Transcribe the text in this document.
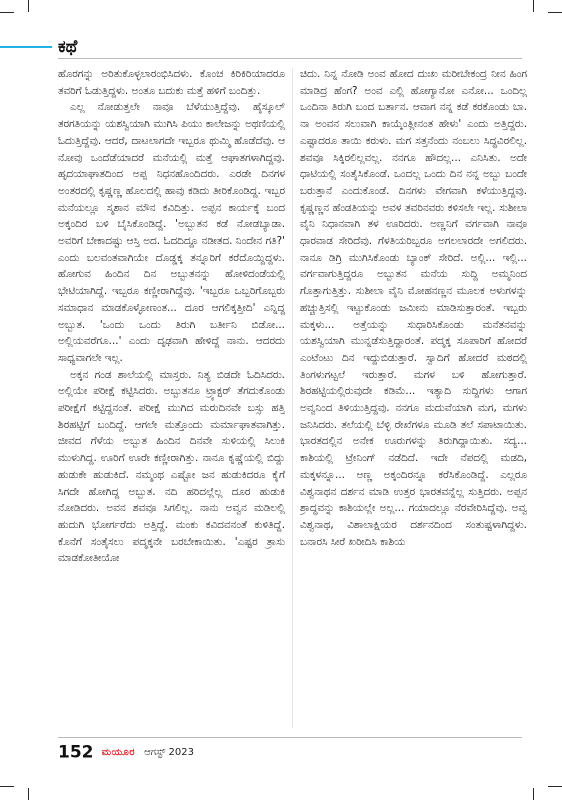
ಕಥೆ

ಹೊರಗನ್ನು ಅರಿತುಕೊಳ್ಳಲಾರಂಭಿಸಿದಳು. ಕೊಂಚ ಕಿರಿಕಿರಿಯಾದರೂ ತವರಿಗೆ ಓಡುತ್ತಿದ್ದಳು. ಅಂತೂ ಬದುಕು ಮತ್ತೆ ಹಳಿಗೆ ಬಂದಿತ್ತು.

ಎಲ್ಲ ನೋಡುತ್ತಲೇ ನಾವೂ ಬೆಳೆಯುತ್ತಿದ್ದೆವು. ಹೈಸ್ಕೂಲ್ ತರಗತಿಯನ್ನು ಯಶಸ್ವಿಯಾಗಿ ಮುಗಿಸಿ ಪಿಯು ಕಾಲೇಜನ್ನು ಅಥಣಿಯಲ್ಲಿ ಓದುತ್ತಿದ್ದೆವು. ಆದರೆ, ದಾಟಲಾಗದೇ ಇಬ್ಬರೂ ಥುಮ್ಮಿ ಹೊಡೆದೆವು. ಆ ನೋವು ಒಂದೆಡೆಯಾದರೆ ಮನೆಯಲ್ಲಿ ಮತ್ತೆ ಆಘಾತಗಳಾಗಿದ್ದವು. ಹೃದಯಾಘಾತದಿಂದ ಅಪ್ಪ ನಿಧನಹೊಂದಿದರು. ಎರಡೇ ದಿನಗಳ ಅಂತರದಲ್ಲಿ ಕೃಷ್ಣಣ್ಣ ಹೊಲದಲ್ಲಿ ಹಾವು ಕಡಿದು ತೀರಿಕೊಂಡಿದ್ದ. ಇಬ್ಬರ ಮನೆಯಲ್ಲೂ ಸ್ಮಶಾನ ಮೌನ ಕವಿದಿತ್ತು. ಅಪ್ಪನ ಕಾರ್ಯಕ್ಕೆ ಬಂದ ಅಕ್ಕಂದಿರ ಬಳಿ ಬೈಸಿಕೊಂಡಿದ್ದೆ. 'ಅಬ್ಬುತನ ಕಡೆ ನೋಡಬ್ಯಾಡಾ. ಅವರಿಗೆ ಬೇಕಾದಷ್ಟು ಆಸ್ತಿ ಅದ. ಓದದಿದ್ದೂ ನಡೀತದ. ನಿಂದೇನ ಗತಿ?' ಎಂದು ಬಲವಂತವಾಗಿಯೇ ದೊಡ್ಡಕ್ಕ ತನ್ನೂರಿಗೆ ಕರೆದೊಯ್ದಿದ್ದಳು. ಹೋಗುವ ಹಿಂದಿನ ದಿನ ಅಬ್ಬುತನನ್ನು ಹೋಳಿದಂಡೆಯಲ್ಲಿ ಭೇಟಿಯಾಗಿದ್ದೆ. ಇಬ್ಬರೂ ಕಣ್ಣೀರಾಗಿದ್ದೆವು. 'ಇಬ್ಬರೂ ಒಬ್ಬರಿಗೊಬ್ಬರು ಸಮಾಧಾನ ಮಾಡಕೊಳ್ಳೋಣಂತ... ದೂರ ಆಗಲಿಕ್ಕತ್ತೀದಿ' ಎನ್ನಿದ್ದ ಅಬ್ಬುತ. 'ಒಂದು ಒಂದು ತಿರುಗಿ ಬರ್ತೀನಿ ಬಿಡೋ... ಅಲ್ಲಿಯವರೆಗೂ...' ಎಂದು ದೃಢವಾಗಿ ಹೇಳಿದ್ದೆ ನಾನು. ಆದರದು ಸಾಧ್ಯವಾಗಲೇ ಇಲ್ಲ.

ಅಕ್ಕನ ಗಂಡ ಶಾಲೆಯಲ್ಲಿ ಮಾಸ್ತರು. ನಿತ್ಯ ಬಿಡದೇ ಓದಿಸಿದರು. ಅಲ್ಲಿಯೇ ಪರೀಕ್ಷೆ ಕಟ್ಟಿಸಿದರು. ಅಬ್ಬುತನೂ ಟ್ರ್ಯಾಕ್ಟರ್ ತೆಗದುಕೊಂಡು ಪರೀಕ್ಷೆಗೆ ಕಟ್ಟಿದ್ದನಂತೆ. ಪರೀಕ್ಷೆ ಮುಗಿದ ಮರುದಿನವೇ ಬಸ್ಸು ಹತ್ತಿ ಶಿರಹಟ್ಟಿಗೆ ಬಂದಿದ್ದೆ. ಆಗಲೇ ಮತ್ತೊಂದು ಮರ್ಮಾಘಾತವಾಗಿತ್ತು. ಜೀವದ ಗೆಳೆಯ ಅಬ್ಬುತ ಹಿಂದಿನ ದಿನವೇ ಸುಳಿಯಲ್ಲಿ ಸಿಲುಕಿ ಮುಳುಗಿದ್ದ. ಊರಿಗೆ ಊರೇ ಕಣ್ಣೀರಾಗಿತ್ತು. ನಾನೂ ಕೃಷ್ಣೆಯಲ್ಲಿ ಬಿದ್ದು ಹುಡುಕೇ ಹುಡುಕಿದೆ. ನಮ್ಮಂಥ ಎಷ್ಟೋ ಜನ ಹುಡುಕಿದರೂ ಕೈಗೆ ಸಿಗದೇ ಹೋಗಿದ್ದ ಅಬ್ಬುತ. ನದಿ ಹರಿದಲ್ಲೆಲ್ಲ ದೂರ ಹುಡುಕಿ ನೋಡಿದರು. ಅವನ ಶವವೂ ಸಿಗಲಿಲ್ಲ. ನಾನು ಅವ್ವನ ಮಡಿಲಲ್ಲಿ ಹುದುಗಿ ಭೋರ್ಗರೆದು ಅತ್ತಿದ್ದೆ. ಮಂಕು ಕವಿದವನಂತೆ ಕುಳಿತಿದ್ದೆ. ಕೊನೆಗೆ ಸಂತೈಸಲು ಪದ್ಮಕ್ಕನೇ ಬರಬೇಕಾಯಿತು. 'ಎಷ್ಟರ ತ್ರಾಸು ಮಾಡಕೋತೀಯೋ

ಚಿದು. ನಿನ್ನ ನೋಡಿ ಅಂವ ಹೋದ ದುಃಖ ಮರೀಬೇಕಂದ್ರ ನೀನ ಹಿಂಗ ಮಾಡಿದ್ರ ಹೆಂಗ? ಅಂವ ಎಲ್ಲಿ ಹೋಗ್ಯಾನೋ ಎನೋ... ಒಂದಿಲ್ಲ ಒಂದಿನಾ ತಿರುಗಿ ಬಂದ ಬರ್ತಾನ. ಆವಾಗ ನನ್ನ ಕಡೆ ಕರಕೊಂಡು ಬಾ. ನಾ ಅಂವನ ಸಲುವಾಗಿ ಕಾಯ್ಕೆಂತ್ಲೀನಂತ ಹೇಳು' ಎಂದು ಅತ್ತಿದ್ದರು. ಎಷ್ಟಾದರೂ ತಾಯಿ ಕರುಳು. ಮಗ ಸತ್ತನೆಂದು ನಂಬಲು ಸಿದ್ಧವಿರಲಿಲ್ಲ. ಶವವೂ ಸಿಕ್ಕಿರಲಿಲ್ಲವಲ್ಲ. ನನಗೂ ಹೌದಲ್ಲ... ಎನಿಸಿತು. ಅದೇ ಧಾಟಿಯಲ್ಲಿ ಸಂತೈಸಿಕೊಂಡೆ. ಒಂದಲ್ಲ ಒಂದು ದಿನ ನನ್ನ ಅಬ್ಬು ಬಂದೇ ಬರುತ್ತಾನೆ ಎಂದುಕೊಂಡೆ. ದಿನಗಳು ವೇಗವಾಗಿ ಕಳೆಯುತ್ತಿದ್ದವು. ಕೃಷ್ಣಣ್ಣನ ಹೆಂಡತಿಯನ್ನು ಅವಳ ತವರಿನವರು ಕಳಿಸಲೇ ಇಲ್ಲ. ಸುಶೀಲಾ ವೈನಿ ನಿಧಾನವಾಗಿ ತಳ ಊರಿದರು. ಅಣ್ಣನಿಗೆ ವರ್ಗವಾಗಿ ನಾವೂ ಧಾರವಾಡ ಸೇರಿದೆವು. ಗೆಳತಿಯರಿಬ್ಬರೂ ಅಗಲಲಾರದೇ ಅಗಲಿದರು. ನಾನೂ ಡಿಗ್ರಿ ಮುಗಿಸಿಕೊಂಡು ಬ್ಯಾಂಕ್ ಸೇರಿದೆ. ಅಲ್ಲಿ... ಇಲ್ಲಿ... ವರ್ಗವಾಗುತ್ತಿದ್ದರೂ ಅಬ್ಬುತನ ಮನೆಯ ಸುದ್ದಿ ಅಮ್ಮನಿಂದ ಗೊತ್ತಾಗುತ್ತಿತ್ತು. ಸುಶೀಲಾ ವೈನಿ ಮೋಹನಣ್ಣನ ಮೂಲಕ ಅಳುಗಳನ್ನು ಹಚ್ಚುತ್ತಿಸಲ್ಲಿ ಇಟ್ಟುಕೊಂಡು ಜಮೀನು ಮಾಡಿಸುತ್ತಾರಂತೆ. ಇಬ್ಬರು ಮಕ್ಕಳು... ಅತ್ತೆಯನ್ನು ಸುಧಾರಿಸಿಕೊಂಡು ಮನೆತನವನ್ನು ಯಶಸ್ವಿಯಾಗಿ ಮುನ್ನಡೆಸುತ್ತಿದ್ದಾರಂತೆ. ಪದ್ಮಕ್ಕ ಸೂಪಾರಿಗೆ ಹೋದರೆ ಎಂಟೆಂಟು ದಿನ ಇದ್ದುಬಿಡುತ್ತಾರೆ. ಸ್ವಾದಿಗೆ ಹೋದರೆ ಮಠದಲ್ಲಿ ತಿಂಗಳುಗಟ್ಟಲೆ ಇರುತ್ತಾರೆ. ಮಗಳ ಬಳಿ ಹೋಗುತ್ತಾರೆ. ಶಿರಹಟ್ಟಿಯಲ್ಲಿರುವುದೇ ಕಡಿಮೆ... ಇತ್ಯಾದಿ ಸುದ್ದಿಗಳು ಆಗಾಗ ಅವ್ವನಿಂದ ತಿಳಿಯುತ್ತಿದ್ದವು. ನನಗೂ ಮದುವೆಯಾಗಿ ಮಗ, ಮಗಳು ಜನಿಸಿದರು. ತಲೆಯಲ್ಲಿ ಬೆಳ್ಳಿ ರೇಖೆಗಳೂ ಮೂಡಿ ತಲೆ ಸಪಾಟಾಯಿತು. ಭಾರತದಲ್ಲಿನ ಅನೇಕ ಊರುಗಳನ್ನು ತಿರುಗಿದ್ದಾಯಿತು. ಸದ್ಯ... ಕಾಶಿಯಲ್ಲಿ ಟ್ರೇನಿಂಗ್ ನಡೆದಿದೆ. ಇದೇ ನೆಪದಲ್ಲಿ ಮಡದಿ, ಮಕ್ಕಳನ್ನೂ... ಅಣ್ಣ ಅಕ್ಕಂದಿರನ್ನೂ ಕರೆಸಿಕೊಂಡಿದ್ದೆ. ಎಲ್ಲರೂ ವಿಶ್ವನಾಥನ ದರ್ಶನ ಮಾಡಿ ಉತ್ತರ ಭಾರತವನ್ನೆಲ್ಲ ಸುತ್ತಿದರು. ಅಪ್ಪನ ಶ್ರಾದ್ಧವನ್ನು ಕಾಶಿಯಲ್ಲೇ ಅಲ್ಲ... ಗಯಾದಲ್ಲೂ ನೆರವೇರಿಸಿದ್ದೆವು. ಅವ್ವ ವಿಶ್ವನಾಥ, ವಿಶಾಲಾಕ್ಷಿಯರ ದರ್ಶನದಿಂದ ಸಂತುಷ್ಟಳಾಗಿದ್ದಳು. ಬನಾರಸಿ ಸೀರೆ ಖರೀದಿಸಿ ಕಾಶಿಯ

152 ಮಯೂರ ಆಗಸ್ಟ್ 2023
